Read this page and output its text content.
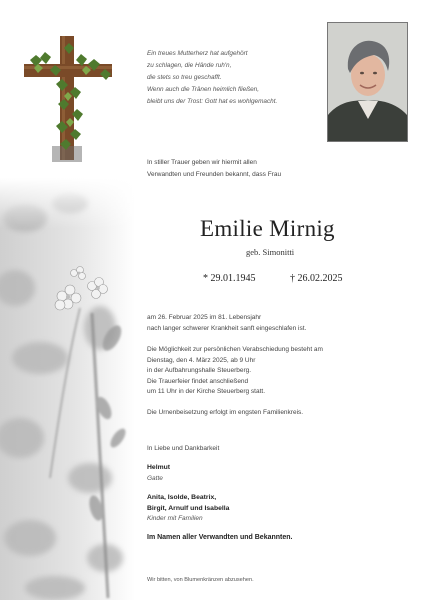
Ein treues Mutterherz hat aufgehört
zu schlagen, die Hände ruh'n,
die stets so treu geschafft.
Wenn auch die Tränen heimlich fließen,
bleibt uns der Trost: Gott hat es wohlgemacht.
In stiller Trauer geben wir hiermit allen
Verwandten und Freunden bekannt, dass Frau
Emilie Mirnig
geb. Simonitti
* 29.01.1945	† 26.02.2025
am 26. Februar 2025 im 81. Lebensjahr
nach langer schwerer Krankheit sanft eingeschlafen ist.
Die Möglichkeit zur persönlichen Verabschiedung besteht am
Dienstag, den 4. März 2025, ab 9 Uhr
in der Aufbahrungshalle Steuerberg.
Die Trauerfeier findet anschließend
um 11 Uhr in der Kirche Steuerberg statt.
Die Urnenbeisetzung erfolgt im engsten Familienkreis.
In Liebe und Dankbarkeit
Helmut
Gatte
Anita, Isolde, Beatrix,
Birgit, Arnulf und Isabella
Kinder mit Familien
Im Namen aller Verwandten und Bekannten.
Wir bitten, von Blumenkränzen abzusehen.
